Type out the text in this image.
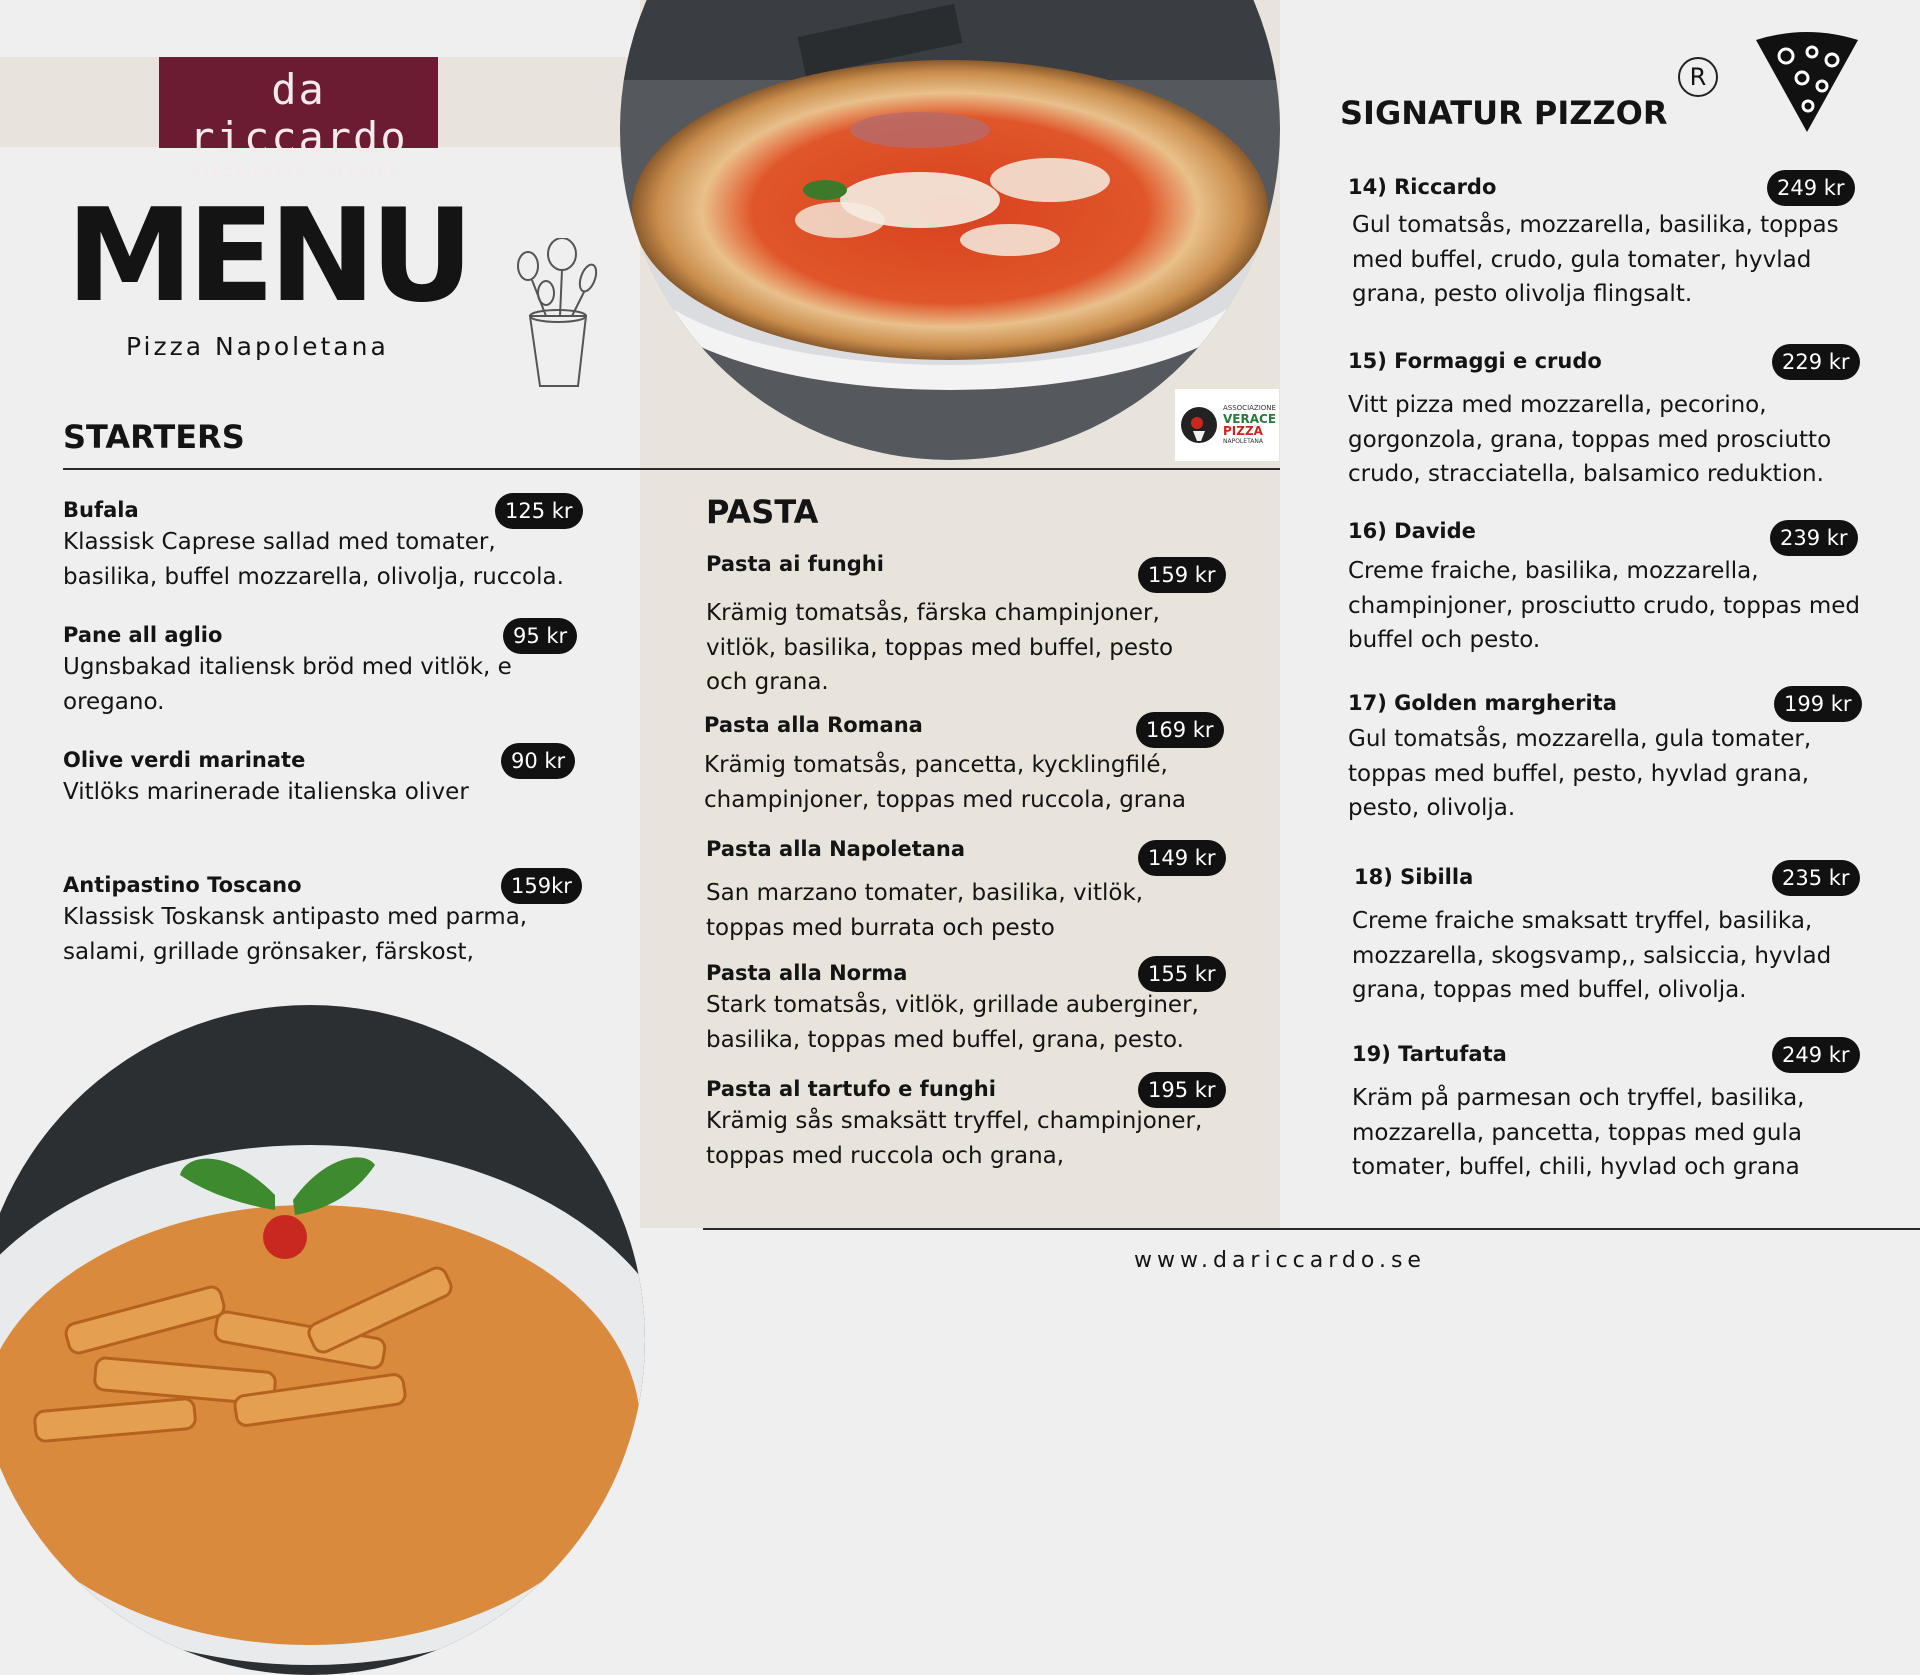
da riccardo
PIZZA PASTA CATERING
MENU
Pizza Napoletana
ASSOCIAZIONE
VERACE
PIZZA
NAPOLETANA
STARTERS
Bufala	125 kr
Klassisk Caprese sallad med tomater, basilika, buffel mozzarella, olivolja, ruccola.
Pane all aglio	95 kr
Ugnsbakad italiensk bröd med vitlök, e oregano.
Olive verdi marinate	90 kr
Vitlöks marinerade italienska oliver
Antipastino Toscano	159kr
Klassisk Toskansk antipasto med parma, salami, grillade grönsaker, färskost,
PASTA
Pasta ai funghi	159 kr
Krämig tomatsås, färska champinjoner, vitlök, basilika, toppas med buffel, pesto och grana.
Pasta alla Romana	169 kr
Krämig tomatsås, pancetta, kycklingfilé, champinjoner, toppas med ruccola, grana
Pasta alla Napoletana	149 kr
San marzano tomater, basilika, vitlök, toppas med burrata och pesto
Pasta alla Norma	155 kr
Stark tomatsås, vitlök, grillade auberginer, basilika, toppas med buffel, grana, pesto.
Pasta al tartufo e funghi	195 kr
Krämig sås smaksätt tryffel, champinjoner, toppas med ruccola och grana,
SIGNATUR PIZZOR
R
14) Riccardo	249 kr
Gul tomatsås, mozzarella, basilika, toppas med buffel, crudo, gula tomater, hyvlad grana, pesto olivolja flingsalt.
15) Formaggi e crudo	229 kr
Vitt pizza med mozzarella, pecorino, gorgonzola, grana, toppas med prosciutto crudo, stracciatella, balsamico reduktion.
16) Davide	239 kr
Creme fraiche, basilika, mozzarella, champinjoner, prosciutto crudo, toppas med buffel och pesto.
17) Golden margherita	199 kr
Gul tomatsås, mozzarella, gula tomater, toppas med buffel, pesto, hyvlad grana, pesto, olivolja.
18) Sibilla	235 kr
Creme fraiche smaksatt tryffel, basilika, mozzarella, skogsvamp,, salsiccia, hyvlad grana, toppas med buffel, olivolja.
19) Tartufata	249 kr
Kräm på parmesan och tryffel, basilika, mozzarella, pancetta, toppas med gula tomater, buffel, chili, hyvlad och grana
www.dariccardo.se
